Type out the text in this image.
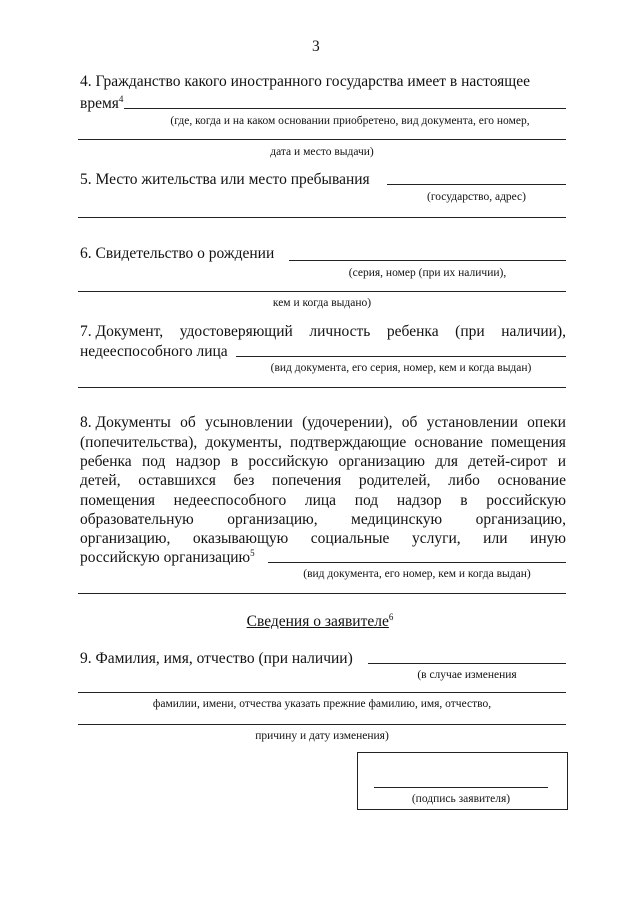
3
4. Гражданство какого иностранного государства имеет в настоящее
время$^4$
(где, когда и на каком основании приобретено, вид документа, его номер,
дата и место выдачи)
5. Место жительства или место пребывания
(государство, адрес)
6. Свидетельство о рождении
(серия, номер (при их наличии),
кем и когда выдано)
7. Документ, удостоверяющий личность ребенка (при наличии),
недееспособного лица
(вид документа, его серия, номер, кем и когда выдан)
8. Документы об усыновлении (удочерении), об установлении опеки
(попечительства), документы, подтверждающие основание помещения
ребенка под надзор в российскую организацию для детей-сирот и
детей, оставшихся без попечения родителей, либо основание
помещения недееспособного лица под надзор в российскую
образовательную организацию, медицинскую организацию,
организацию, оказывающую социальные услуги, или иную
российскую организацию$^5$
(вид документа, его номер, кем и когда выдан)
Сведения о заявителе$^6$
9. Фамилия, имя, отчество (при наличии)
(в случае изменения
фамилии, имени, отчества указать прежние фамилию, имя, отчество,
причину и дату изменения)
(подпись заявителя)
